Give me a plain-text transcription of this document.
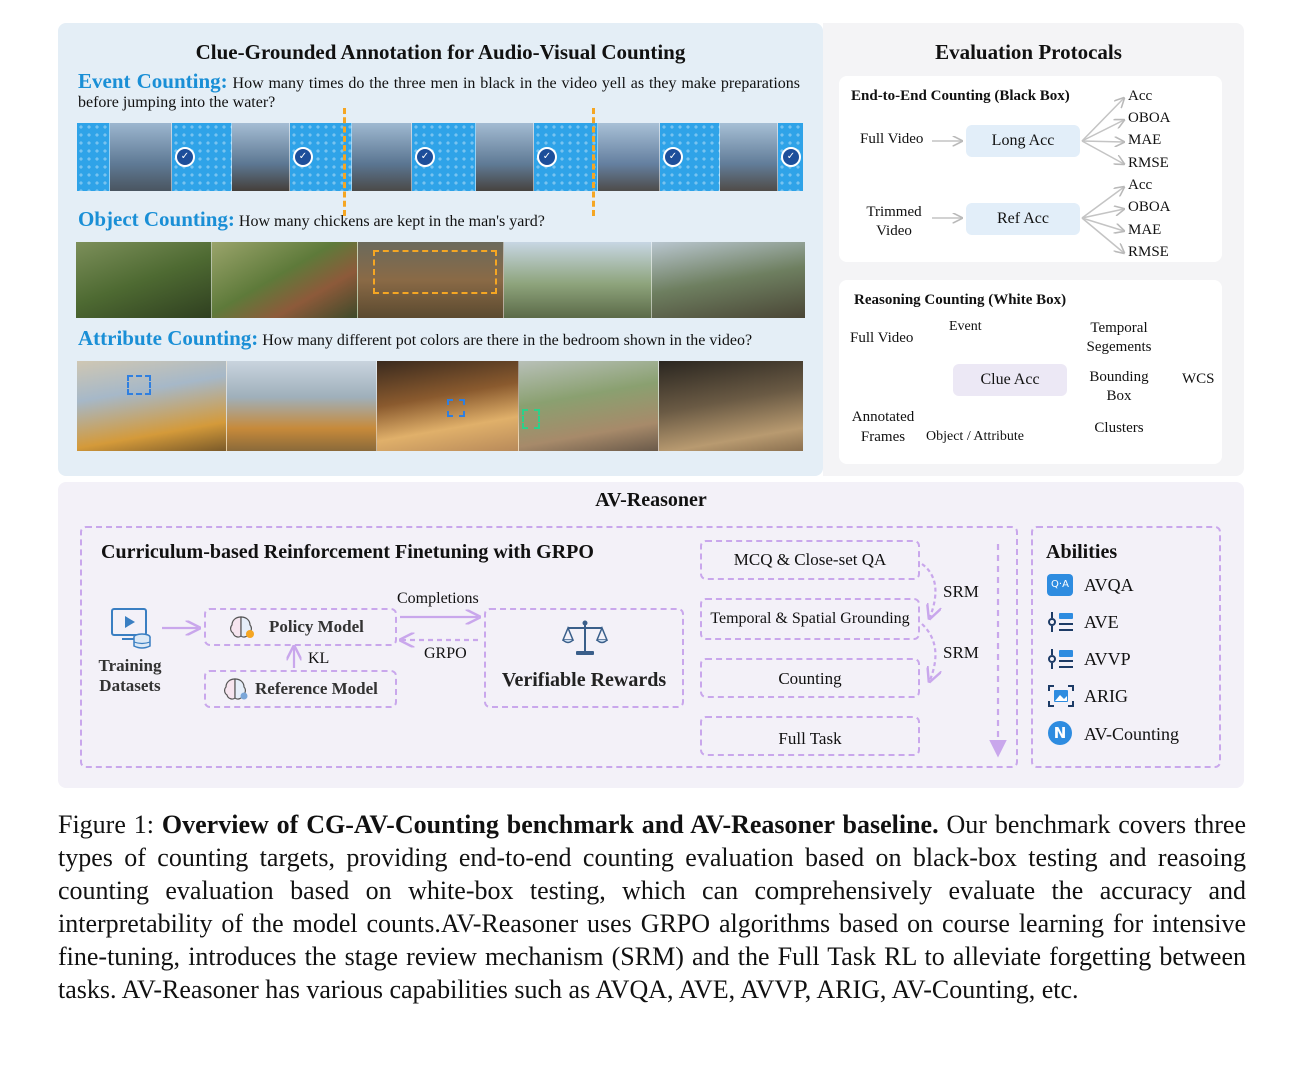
Clue-Grounded Annotation for Audio-Visual Counting
Event Counting: How many times do the three men in black in the video yell as they make preparations before jumping into the water?
✓	✓	✓	✓	✓	✓
Object Counting: How many chickens are kept in the man's yard?
Attribute Counting: How many different pot colors are there in the bedroom shown in the video?
Evaluation Protocals
End-to-End Counting (Black Box)
Full Video	Long Acc
Acc
OBOA
MAE
RMSE
Trimmed
Video
Ref Acc
Acc
OBOA
MAE
RMSE
Reasoning Counting (White Box)
Full Video
Event
Annotated
Frames	Object / Attribute
Clue Acc
Temporal
Segements
Bounding
Box
Clusters
WCS
AV-Reasoner
Curriculum-based Reinforcement Finetuning with GRPO
Training
Datasets
Policy Model
Reference Model
KL
Completions
GRPO
Verifiable Rewards
MCQ & Close-set QA
Temporal & Spatial Grounding
Counting
Full Task
SRM
SRM
Abilities
Q·A AVQA
AVE
AVVP
ARIG
N AV-Counting
Figure 1: Overview of CG-AV-Counting benchmark and AV-Reasoner baseline. Our benchmark covers three types of counting targets, providing end-to-end counting evaluation based on black-box testing and reasoing counting evaluation based on white-box testing, which can comprehensively evaluate the accuracy and interpretability of the model counts.AV-Reasoner uses GRPO algorithms based on course learning for intensive fine-tuning, introduces the stage review mechanism (SRM) and the Full Task RL to alleviate forgetting between tasks. AV-Reasoner has various capabilities such as AVQA, AVE, AVVP, ARIG, AV-Counting, etc.
